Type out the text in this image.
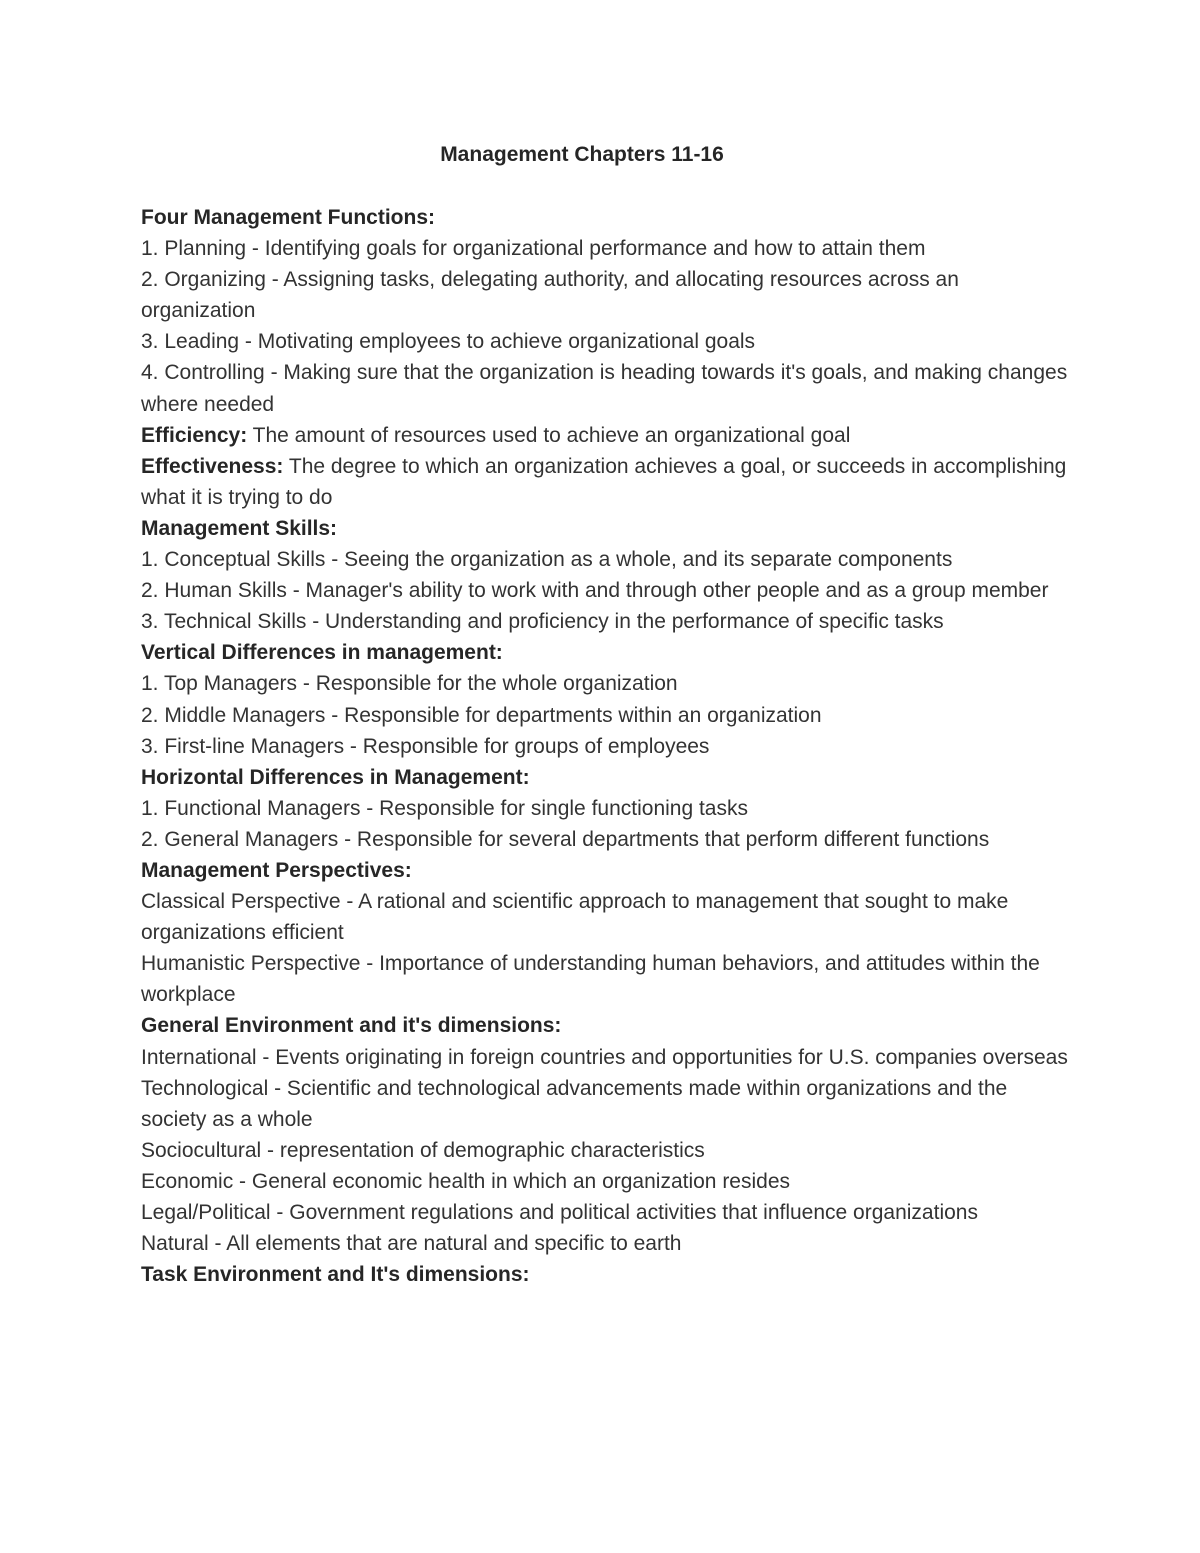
Management Chapters 11-16

Four Management Functions:

1. Planning - Identifying goals for organizational performance and how to attain them

2. Organizing - Assigning tasks, delegating authority, and allocating resources across an organization

3. Leading - Motivating employees to achieve organizational goals

4. Controlling - Making sure that the organization is heading towards it's goals, and making changes where needed

Efficiency: The amount of resources used to achieve an organizational goal

Effectiveness: The degree to which an organization achieves a goal, or succeeds in accomplishing what it is trying to do

Management Skills:

1. Conceptual Skills - Seeing the organization as a whole, and its separate components

2. Human Skills - Manager's ability to work with and through other people and as a group member

3. Technical Skills - Understanding and proficiency in the performance of specific tasks

Vertical Differences in management:

1. Top Managers - Responsible for the whole organization

2. Middle Managers - Responsible for departments within an organization

3. First-line Managers - Responsible for groups of employees

Horizontal Differences in Management:

1. Functional Managers - Responsible for single functioning tasks

2. General Managers - Responsible for several departments that perform different functions

Management Perspectives:

Classical Perspective - A rational and scientific approach to management that sought to make organizations efficient

Humanistic Perspective - Importance of understanding human behaviors, and attitudes within the workplace

General Environment and it's dimensions:

International - Events originating in foreign countries and opportunities for U.S. companies overseas

Technological - Scientific and technological advancements made within organizations and the society as a whole

Sociocultural - representation of demographic characteristics

Economic - General economic health in which an organization resides

Legal/Political - Government regulations and political activities that influence organizations

Natural - All elements that are natural and specific to earth

Task Environment and It's dimensions:
